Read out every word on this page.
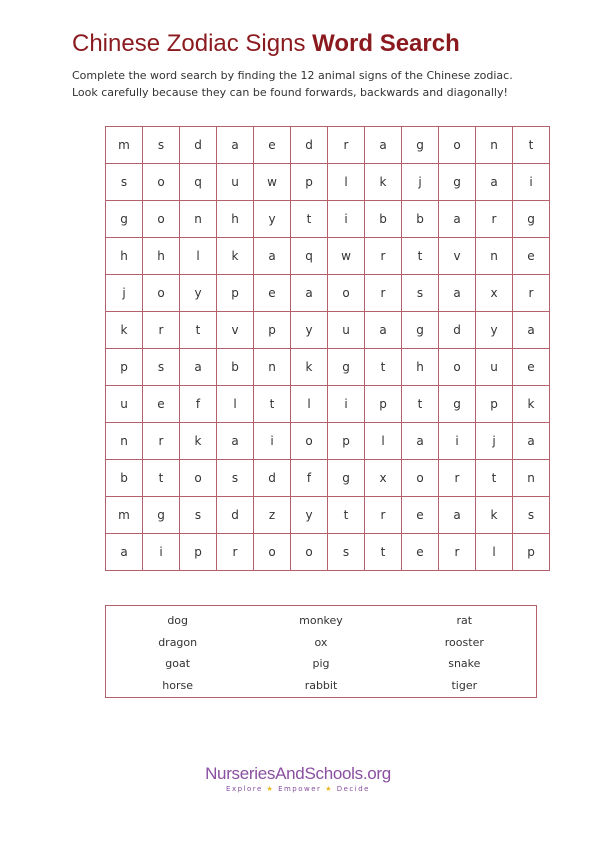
Chinese Zodiac Signs Word Search
Complete the word search by finding the 12 animal signs of the Chinese zodiac.
Look carefully because they can be found forwards, backwards and diagonally!
m	s	d	a	e	d	r	a	g	o	n	t
s	o	q	u	w	p	l	k	j	g	a	i
g	o	n	h	y	t	i	b	b	a	r	g
h	h	l	k	a	q	w	r	t	v	n	e
j	o	y	p	e	a	o	r	s	a	x	r
k	r	t	v	p	y	u	a	g	d	y	a
p	s	a	b	n	k	g	t	h	o	u	e
u	e	f	l	t	l	i	p	t	g	p	k
n	r	k	a	i	o	p	l	a	i	j	a
b	t	o	s	d	f	g	x	o	r	t	n
m	g	s	d	z	y	t	r	e	a	k	s
a	i	p	r	o	o	s	t	e	r	l	p
dog	monkey	rat
dragon	ox	rooster
goat	pig	snake
horse	rabbit	tiger
NurseriesAndSchools.org
Explore ★ Empower ★ Decide
